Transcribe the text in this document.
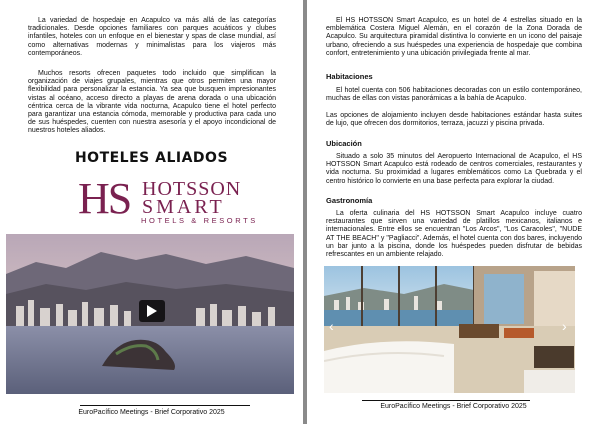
La variedad de hospedaje en Acapulco va más allá de las categorías tradicionales. Desde opciones familiares con parques acuáticos y clubes infantiles, hoteles con un enfoque en el bienestar y spas de clase mundial, así como alternativas modernas y minimalistas para los viajeros más contemporáneos.
Muchos resorts ofrecen paquetes todo incluido que simplifican la organización de viajes grupales, mientras que otros permiten una mayor flexibilidad para personalizar la estancia. Ya sea que busquen impresionantes vistas al océano, acceso directo a playas de arena dorada o una ubicación céntrica cerca de la vibrante vida nocturna, Acapulco tiene el hotel perfecto para garantizar una estancia cómoda, memorable y productiva para cada uno de sus huéspedes, cuenten con nuestra asesoría y el apoyo incondicional de nuestros hoteles aliados.
HOTELES ALIADOS
HS HOTSSON
SMART
HOTELS & RESORTS
EuroPacífico Meetings - Brief Corporativo 2025
El HS HOTSSON Smart Acapulco, es un hotel de 4 estrellas situado en la emblemática Costera Miguel Alemán, en el corazón de la Zona Dorada de Acapulco. Su arquitectura piramidal distintiva lo convierte en un icono del paisaje urbano, ofreciendo a sus huéspedes una experiencia de hospedaje que combina confort, entretenimiento y una ubicación privilegiada frente al mar.
Habitaciones
El hotel cuenta con 506 habitaciones decoradas con un estilo contemporáneo, muchas de ellas con vistas panorámicas a la bahía de Acapulco.
Las opciones de alojamiento incluyen desde habitaciones estándar hasta suites de lujo, que ofrecen dos dormitorios, terraza, jacuzzi y piscina privada.
Ubicación
Situado a solo 35 minutos del Aeropuerto Internacional de Acapulco, el HS HOTSSON Smart Acapulco está rodeado de centros comerciales, restaurantes y vida nocturna. Su proximidad a lugares emblemáticos como La Quebrada y el centro histórico lo convierte en una base perfecta para explorar la ciudad.
Gastronomía
La oferta culinaria del HS HOTSSON Smart Acapulco incluye cuatro restaurantes que sirven una variedad de platillos mexicanos, italianos e internacionales. Entre ellos se encuentran "Los Arcos", "Los Caracoles", "NUDE AT THE BEACH" y "Pagliacci". Además, el hotel cuenta con dos bares, incluyendo un bar junto a la piscina, donde los huéspedes pueden disfrutar de bebidas refrescantes en un ambiente relajado.
‹	›
EuroPacífico Meetings - Brief Corporativo 2025
